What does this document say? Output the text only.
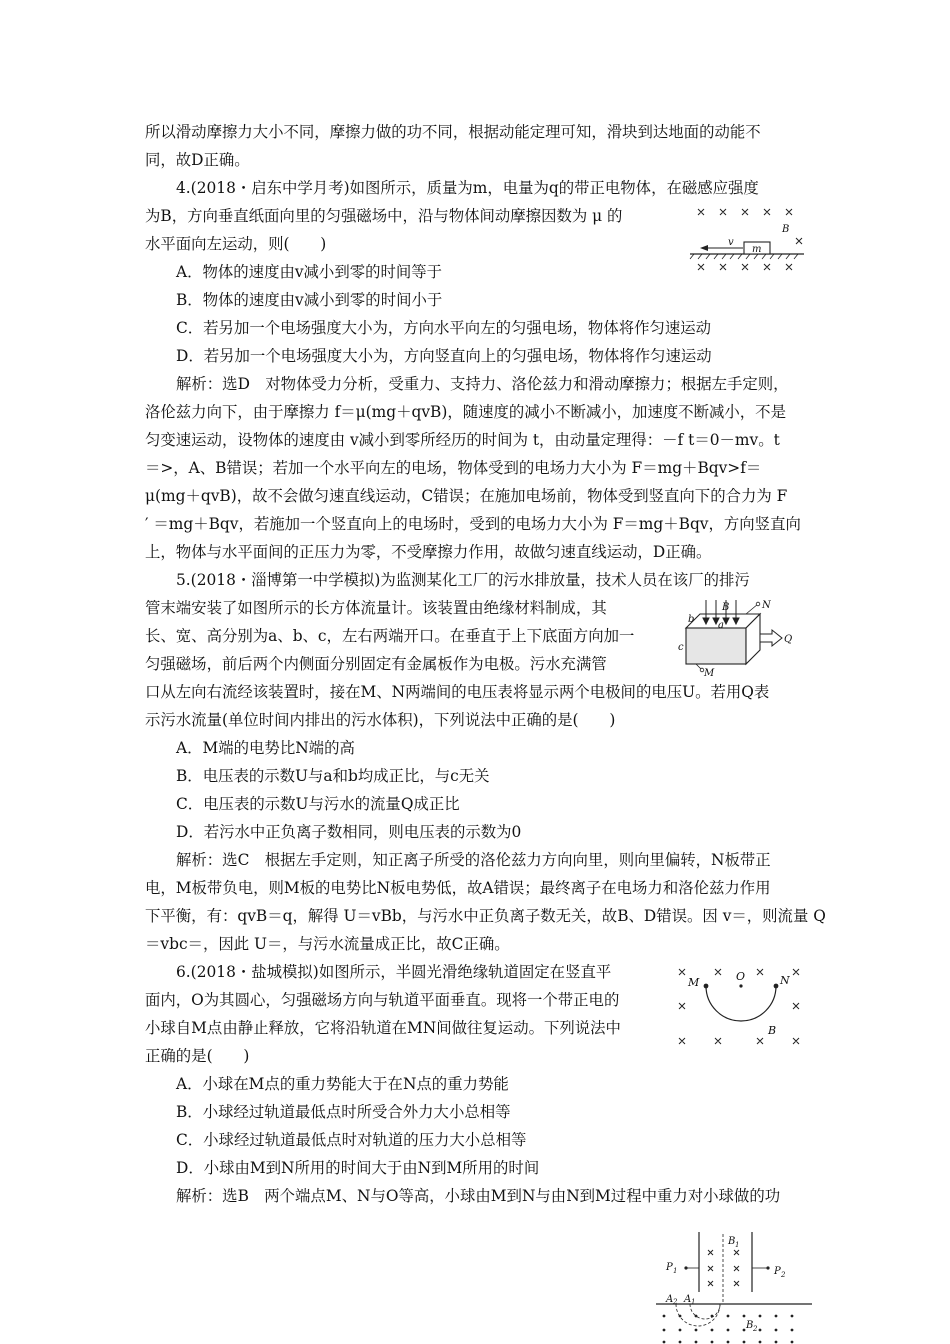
所以滑动摩擦力大小不同，摩擦力做的功不同，根据动能定理可知，滑块到达地面的动能不
同，故D正确。
4.(2018・启东中学月考)如图所示，质量为m，电量为q的带正电物体，在磁感应强度
为B，方向垂直纸面向里的匀强磁场中，沿与物体间动摩擦因数为 μ 的
水平面向左运动，则(　　)
A．物体的速度由v减小到零的时间等于
B．物体的速度由v减小到零的时间小于
C．若另加一个电场强度大小为，方向水平向左的匀强电场，物体将作匀速运动
D．若另加一个电场强度大小为，方向竖直向上的匀强电场，物体将作匀速运动
解析：选D　对物体受力分析，受重力、支持力、洛伦兹力和滑动摩擦力；根据左手定则，
洛伦兹力向下，由于摩擦力 f＝μ(mg＋qvB)，随速度的减小不断减小，加速度不断减小，不是
匀变速运动，设物体的速度由 v减小到零所经历的时间为 t，由动量定理得：－f t＝0－mv。t
＝>，A、B错误；若加一个水平向左的电场，物体受到的电场力大小为 F＝mg＋Bqv>f＝
μ(mg＋qvB)，故不会做匀速直线运动，C错误；在施加电场前，物体受到竖直向下的合力为 F
′ ＝mg＋Bqv，若施加一个竖直向上的电场时，受到的电场力大小为 F＝mg＋Bqv，方向竖直向
上，物体与水平面间的正压力为零，不受摩擦力作用，故做匀速直线运动，D正确。
5.(2018・淄博第一中学模拟)为监测某化工厂的污水排放量，技术人员在该厂的排污
管末端安装了如图所示的长方体流量计。该装置由绝缘材料制成，其
长、宽、高分别为a、b、c，左右两端开口。在垂直于上下底面方向加一
匀强磁场，前后两个内侧面分别固定有金属板作为电极。污水充满管
口从左向右流经该装置时，接在M、N两端间的电压表将显示两个电极间的电压U。若用Q表
示污水流量(单位时间内排出的污水体积)，下列说法中正确的是(　　)
A．M端的电势比N端的高
B．电压表的示数U与a和b均成正比，与c无关
C．电压表的示数U与污水的流量Q成正比
D．若污水中正负离子数相同，则电压表的示数为0
解析：选C　根据左手定则，知正离子所受的洛伦兹力方向向里，则向里偏转，N板带正
电，M板带负电，则M板的电势比N板电势低，故A错误；最终离子在电场力和洛伦兹力作用
下平衡，有：qvB＝q，解得 U＝vBb，与污水中正负离子数无关，故B、D错误。因 v＝，则流量 Q
＝vbc＝，因此 U＝，与污水流量成正比，故C正确。
6.(2018・盐城模拟)如图所示，半圆光滑绝缘轨道固定在竖直平
面内，O为其圆心，匀强磁场方向与轨道平面垂直。现将一个带正电的
小球自M点由静止释放，它将沿轨道在MN间做往复运动。下列说法中
正确的是(　　)
A．小球在M点的重力势能大于在N点的重力势能
B．小球经过轨道最低点时所受合外力大小总相等
C．小球经过轨道最低点时对轨道的压力大小总相等
D．小球由M到N所用的时间大于由N到M所用的时间
解析：选B　两个端点M、N与O等高，小球由M到N与由N到M过程中重力对小球做的功
B
v
m
B	N
b
a
Q
c
M
M	O	N
B
B 1
P 1	P 2
A 2 A 1
B 2
